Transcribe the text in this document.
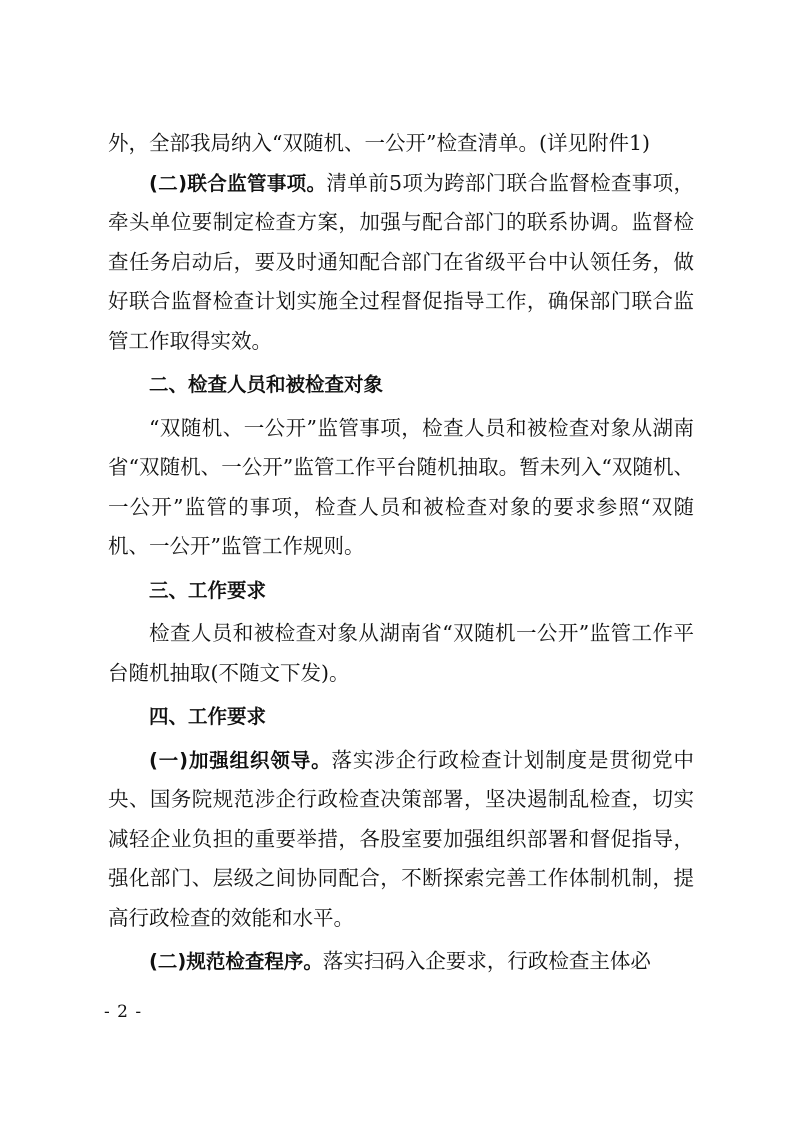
外，全部我局纳入“双随机、一公开”检查清单。(详见附件1)

(二)联合监管事项。清单前5项为跨部门联合监督检查事项，牵头单位要制定检查方案，加强与配合部门的联系协调。监督检查任务启动后，要及时通知配合部门在省级平台中认领任务，做好联合监督检查计划实施全过程督促指导工作，确保部门联合监管工作取得实效。

二、检查人员和被检查对象

“双随机、一公开”监管事项，检查人员和被检查对象从湖南省“双随机、一公开”监管工作平台随机抽取。暂未列入“双随机、一公开”监管的事项，检查人员和被检查对象的要求参照“双随机、一公开”监管工作规则。

三、工作要求

检查人员和被检查对象从湖南省“双随机一公开”监管工作平台随机抽取(不随文下发)。

四、工作要求

(一)加强组织领导。落实涉企行政检查计划制度是贯彻党中央、国务院规范涉企行政检查决策部署，坚决遏制乱检查，切实减轻企业负担的重要举措，各股室要加强组织部署和督促指导，强化部门、层级之间协同配合，不断探索完善工作体制机制，提高行政检查的效能和水平。

(二)规范检查程序。落实扫码入企要求，行政检查主体必

- 2 -
